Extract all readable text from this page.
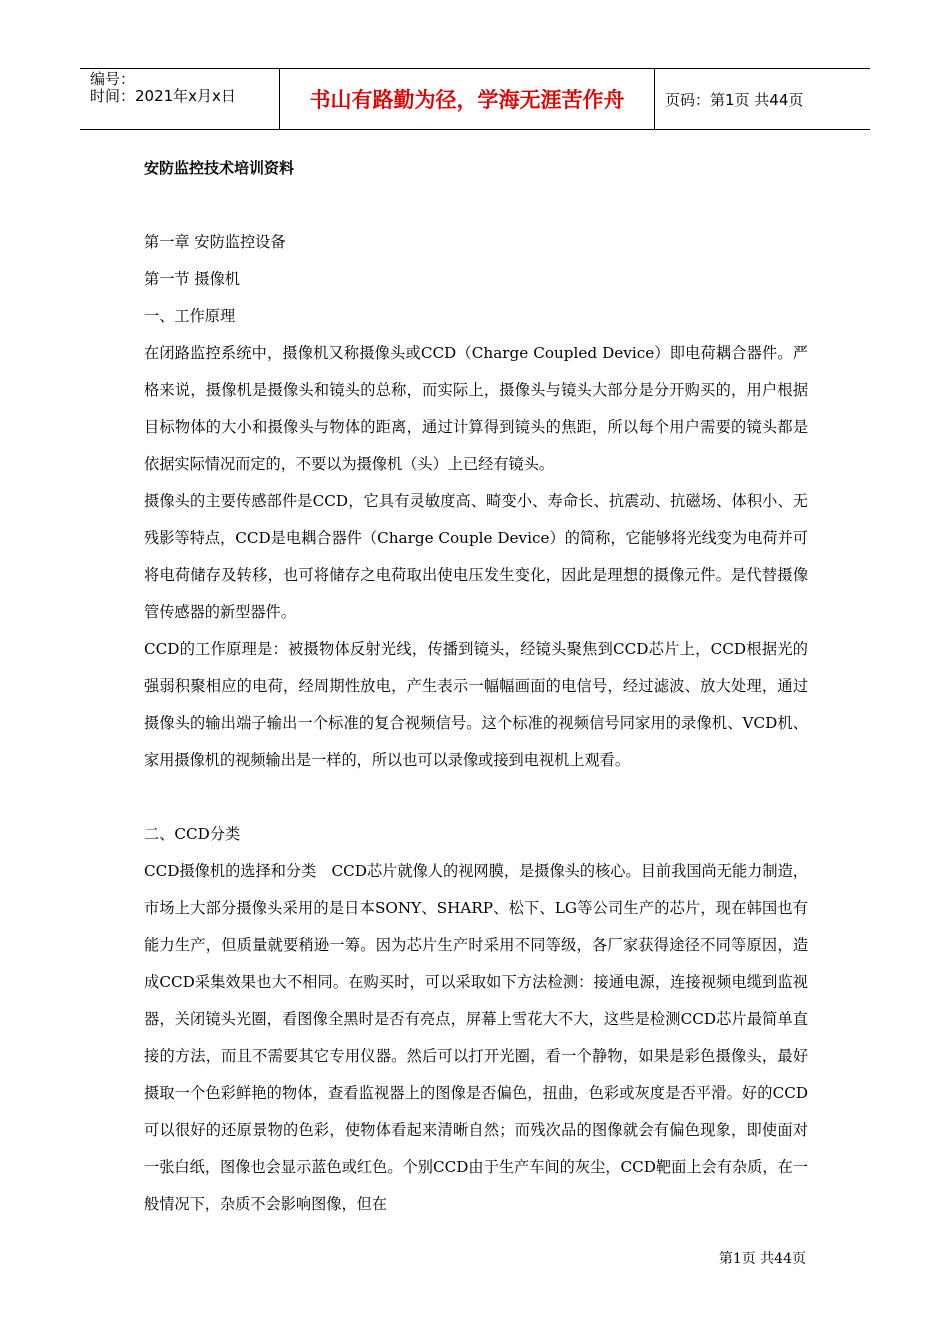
编号：
时间：2021年x月x日	书山有路勤为径，学海无涯苦作舟	页码：第1页 共44页

安防监控技术培训资料

第一章 安防监控设备

第一节 摄像机

一、工作原理

在闭路监控系统中，摄像机又称摄像头或CCD（Charge Coupled Device）即电荷耦合器件。严格来说，摄像机是摄像头和镜头的总称，而实际上，摄像头与镜头大部分是分开购买的，用户根据目标物体的大小和摄像头与物体的距离，通过计算得到镜头的焦距，所以每个用户需要的镜头都是依据实际情况而定的，不要以为摄像机（头）上已经有镜头。

摄像头的主要传感部件是CCD，它具有灵敏度高、畸变小、寿命长、抗震动、抗磁场、体积小、无残影等特点，CCD是电耦合器件（Charge Couple Device）的简称，它能够将光线变为电荷并可将电荷储存及转移，也可将储存之电荷取出使电压发生变化，因此是理想的摄像元件。是代替摄像管传感器的新型器件。

CCD的工作原理是：被摄物体反射光线，传播到镜头，经镜头聚焦到CCD芯片上，CCD根据光的强弱积聚相应的电荷，经周期性放电，产生表示一幅幅画面的电信号，经过滤波、放大处理，通过摄像头的输出端子输出一个标准的复合视频信号。这个标准的视频信号同家用的录像机、VCD机、家用摄像机的视频输出是一样的，所以也可以录像或接到电视机上观看。

二、CCD分类

CCD摄像机的选择和分类　CCD芯片就像人的视网膜，是摄像头的核心。目前我国尚无能力制造，市场上大部分摄像头采用的是日本SONY、SHARP、松下、LG等公司生产的芯片，现在韩国也有能力生产，但质量就要稍逊一筹。因为芯片生产时采用不同等级，各厂家获得途径不同等原因，造成CCD采集效果也大不相同。在购买时，可以采取如下方法检测：接通电源，连接视频电缆到监视器，关闭镜头光圈，看图像全黑时是否有亮点，屏幕上雪花大不大，这些是检测CCD芯片最简单直接的方法，而且不需要其它专用仪器。然后可以打开光圈，看一个静物，如果是彩色摄像头，最好摄取一个色彩鲜艳的物体，查看监视器上的图像是否偏色，扭曲，色彩或灰度是否平滑。好的CCD可以很好的还原景物的色彩，使物体看起来清晰自然；而残次品的图像就会有偏色现象，即使面对一张白纸，图像也会显示蓝色或红色。个别CCD由于生产车间的灰尘，CCD靶面上会有杂质，在一般情况下，杂质不会影响图像，但在

第1页 共44页
